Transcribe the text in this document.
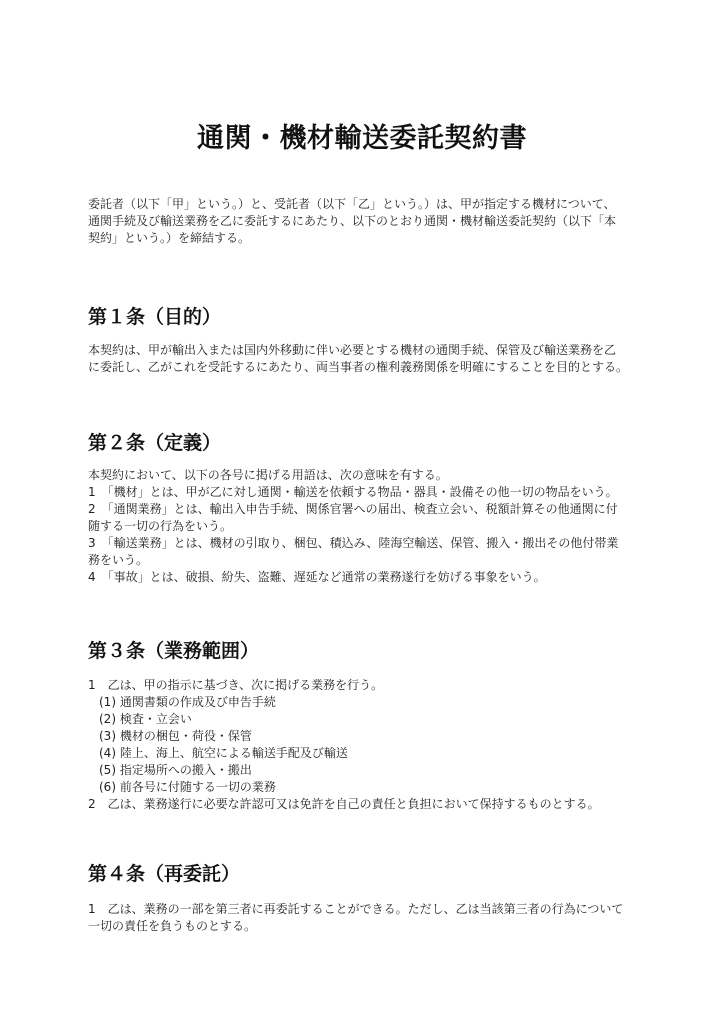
通関・機材輸送委託契約書
委託者（以下「甲」という。）と、受託者（以下「乙」という。）は、甲が指定する機材について、
通関手続及び輸送業務を乙に委託するにあたり、以下のとおり通関・機材輸送委託契約（以下「本
契約」という。）を締結する。
第１条（目的）
本契約は、甲が輸出入または国内外移動に伴い必要とする機材の通関手続、保管及び輸送業務を乙
に委託し、乙がこれを受託するにあたり、両当事者の権利義務関係を明確にすることを目的とする。
第２条（定義）
本契約において、以下の各号に掲げる用語は、次の意味を有する。
1　「機材」とは、甲が乙に対し通関・輸送を依頼する物品・器具・設備その他一切の物品をいう。
2　「通関業務」とは、輸出入申告手続、関係官署への届出、検査立会い、税額計算その他通関に付
随する一切の行為をいう。
3　「輸送業務」とは、機材の引取り、梱包、積込み、陸海空輸送、保管、搬入・搬出その他付帯業
務をいう。
4　「事故」とは、破損、紛失、盗難、遅延など通常の業務遂行を妨げる事象をいう。
第３条（業務範囲）
1　乙は、甲の指示に基づき、次に掲げる業務を行う。
(1) 通関書類の作成及び申告手続
(2) 検査・立会い
(3) 機材の梱包・荷役・保管
(4) 陸上、海上、航空による輸送手配及び輸送
(5) 指定場所への搬入・搬出
(6) 前各号に付随する一切の業務
2　乙は、業務遂行に必要な許認可又は免許を自己の責任と負担において保持するものとする。
第４条（再委託）
1　乙は、業務の一部を第三者に再委託することができる。ただし、乙は当該第三者の行為について
一切の責任を負うものとする。
